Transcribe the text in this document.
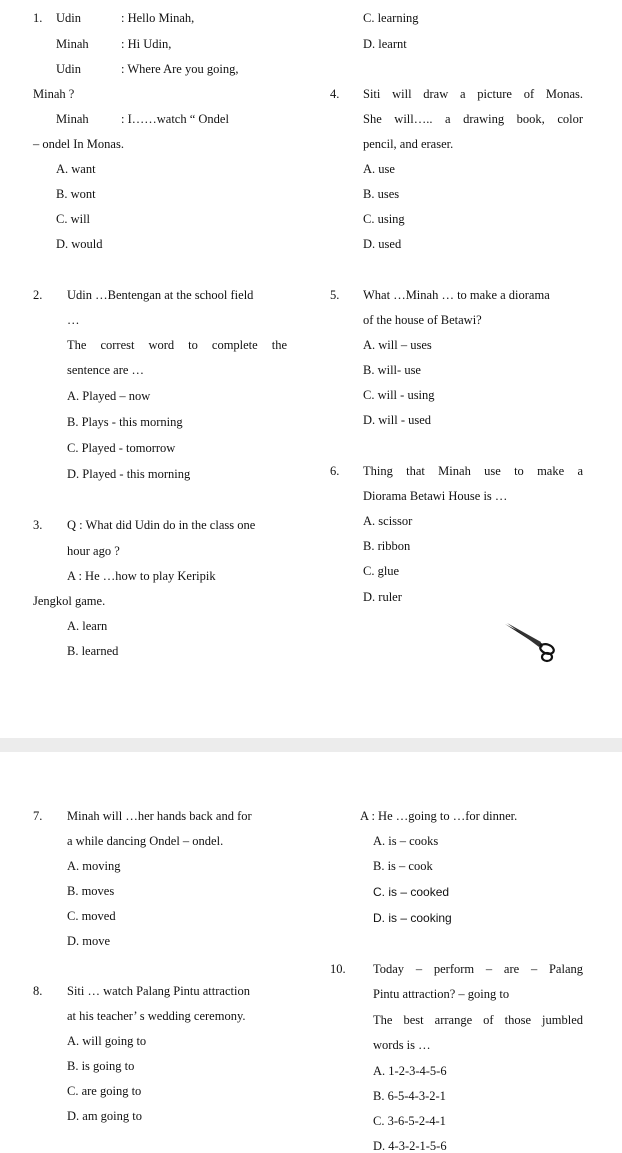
1. Udin	: Hello Minah,
Minah	: Hi Udin,
Udin	: Where Are you going,
Minah ?
Minah	: I……watch “ Ondel
– ondel In Monas.
A. want
B. wont
C. will
D. would
2. Udin …Bentengan at the school field
…
The correst word to complete the
sentence are …
A. Played – now
B. Plays - this morning
C. Played - tomorrow
D. Played - this morning
3. Q : What did Udin do in the class one
hour ago ?
A : He …how to play Keripik
Jengkol game.
A. learn
B. learned
C. learning
D. learnt
4. Siti will draw a picture of Monas.
She will….. a drawing book, color
pencil, and eraser.
A. use
B. uses
C. using
D. used
5. What …Minah … to make a diorama
of the house of Betawi?
A. will – uses
B. will- use
C. will - using
D. will - used
6. Thing that Minah use to make a
Diorama Betawi House is …
A. scissor
B. ribbon
C. glue
D. ruler
7. Minah will …her hands back and for
a while dancing Ondel – ondel.
A. moving
B. moves
C. moved
D. move
8. Siti … watch Palang Pintu attraction
at his teacher’ s wedding ceremony.
A. will going to
B. is going to
C. are going to
D. am going to
A : He …going to …for dinner.
A. is – cooks
B. is – cook
C. is – cooked
D. is – cooking
10. Today – perform – are – Palang
Pintu attraction? – going to
The best arrange of those jumbled
words is …
A. 1-2-3-4-5-6
B. 6-5-4-3-2-1
C. 3-6-5-2-4-1
D. 4-3-2-1-5-6
